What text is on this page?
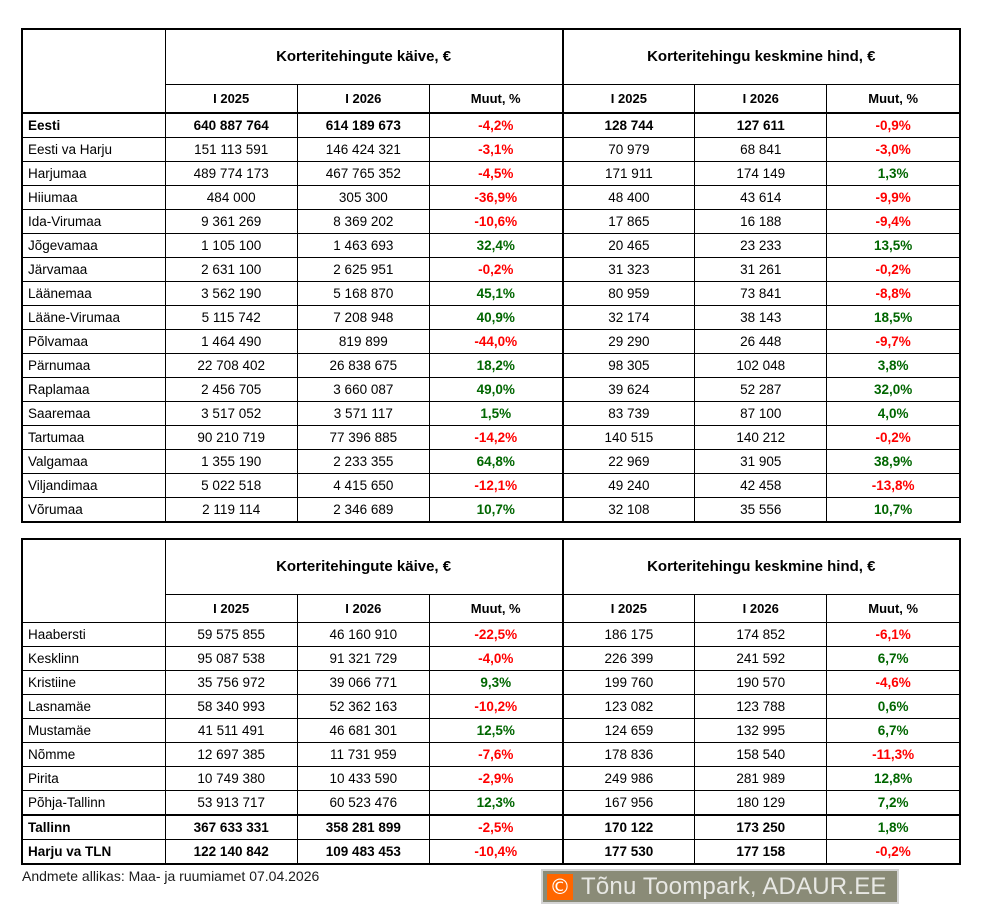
	Korteritehingute käive, €			Korteritehingu keskmine hind, €		
	I 2025	I 2026	Muut, %	I 2025	I 2026	Muut, %
Eesti	640 887 764	614 189 673	-4,2%	128 744	127 611	-0,9%
Eesti va Harju	151 113 591	146 424 321	-3,1%	70 979	68 841	-3,0%
Harjumaa	489 774 173	467 765 352	-4,5%	171 911	174 149	1,3%
Hiiumaa	484 000	305 300	-36,9%	48 400	43 614	-9,9%
Ida-Virumaa	9 361 269	8 369 202	-10,6%	17 865	16 188	-9,4%
Jõgevamaa	1 105 100	1 463 693	32,4%	20 465	23 233	13,5%
Järvamaa	2 631 100	2 625 951	-0,2%	31 323	31 261	-0,2%
Läänemaa	3 562 190	5 168 870	45,1%	80 959	73 841	-8,8%
Lääne-Virumaa	5 115 742	7 208 948	40,9%	32 174	38 143	18,5%
Põlvamaa	1 464 490	819 899	-44,0%	29 290	26 448	-9,7%
Pärnumaa	22 708 402	26 838 675	18,2%	98 305	102 048	3,8%
Raplamaa	2 456 705	3 660 087	49,0%	39 624	52 287	32,0%
Saaremaa	3 517 052	3 571 117	1,5%	83 739	87 100	4,0%
Tartumaa	90 210 719	77 396 885	-14,2%	140 515	140 212	-0,2%
Valgamaa	1 355 190	2 233 355	64,8%	22 969	31 905	38,9%
Viljandimaa	5 022 518	4 415 650	-12,1%	49 240	42 458	-13,8%
Võrumaa	2 119 114	2 346 689	10,7%	32 108	35 556	10,7%
	Korteritehingute käive, €			Korteritehingu keskmine hind, €		
	I 2025	I 2026	Muut, %	I 2025	I 2026	Muut, %
Haabersti	59 575 855	46 160 910	-22,5%	186 175	174 852	-6,1%
Kesklinn	95 087 538	91 321 729	-4,0%	226 399	241 592	6,7%
Kristiine	35 756 972	39 066 771	9,3%	199 760	190 570	-4,6%
Lasnamäe	58 340 993	52 362 163	-10,2%	123 082	123 788	0,6%
Mustamäe	41 511 491	46 681 301	12,5%	124 659	132 995	6,7%
Nõmme	12 697 385	11 731 959	-7,6%	178 836	158 540	-11,3%
Pirita	10 749 380	10 433 590	-2,9%	249 986	281 989	12,8%
Põhja-Tallinn	53 913 717	60 523 476	12,3%	167 956	180 129	7,2%
Tallinn	367 633 331	358 281 899	-2,5%	170 122	173 250	1,8%
Harju va TLN	122 140 842	109 483 453	-10,4%	177 530	177 158	-0,2%
Andmete allikas: Maa- ja ruumiamet 07.04.2026	© Tõnu Toompark, ADAUR.EE
